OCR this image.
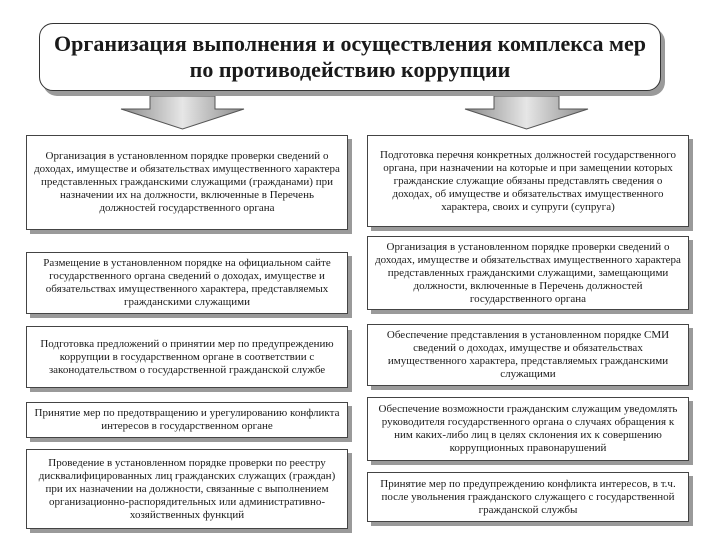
Организация выполнения и осуществления комплекса мер по противодействию коррупции
Организация в установленном порядке проверки сведений о доходах, имуществе и обязательствах имущественного характера представленных гражданскими служащими (гражданами) при назначении их на должности, включенные в Перечень должностей государственного органа
Размещение в установленном порядке на официальном сайте государственного органа сведений о доходах, имуществе и обязательствах имущественного характера, представляемых гражданскими служащими
Подготовка предложений о принятии мер по предупреждению коррупции в государственном органе в соответствии с законодательством о государственной гражданской службе
Принятие мер по предотвращению и урегулированию конфликта интересов в государственном органе
Проведение в установленном порядке проверки по реестру дисквалифицированных лиц гражданских служащих (граждан) при их назначении на должности, связанные с выполнением организационно-распорядительных или административно-хозяйственных функций
Подготовка перечня конкретных должностей государственного органа, при назначении на которые и при замещении которых гражданские служащие обязаны представлять сведения о доходах, об имуществе и обязательствах имущественного характера, своих и супруги (супруга)
Организация в установленном порядке проверки сведений о доходах, имуществе и обязательствах имущественного характера представленных гражданскими служащими, замещающими должности, включенные в Перечень должностей государственного органа
Обеспечение представления в установленном порядке СМИ сведений о доходах, имуществе и обязательствах имущественного характера, представляемых гражданскими служащими
Обеспечение возможности гражданским служащим уведомлять руководителя государственного органа о случаях обращения к ним каких-либо лиц в целях склонения их к совершению коррупционных правонарушений
Принятие мер по предупреждению конфликта интересов, в т.ч. после увольнения гражданского служащего с государственной гражданской службы
